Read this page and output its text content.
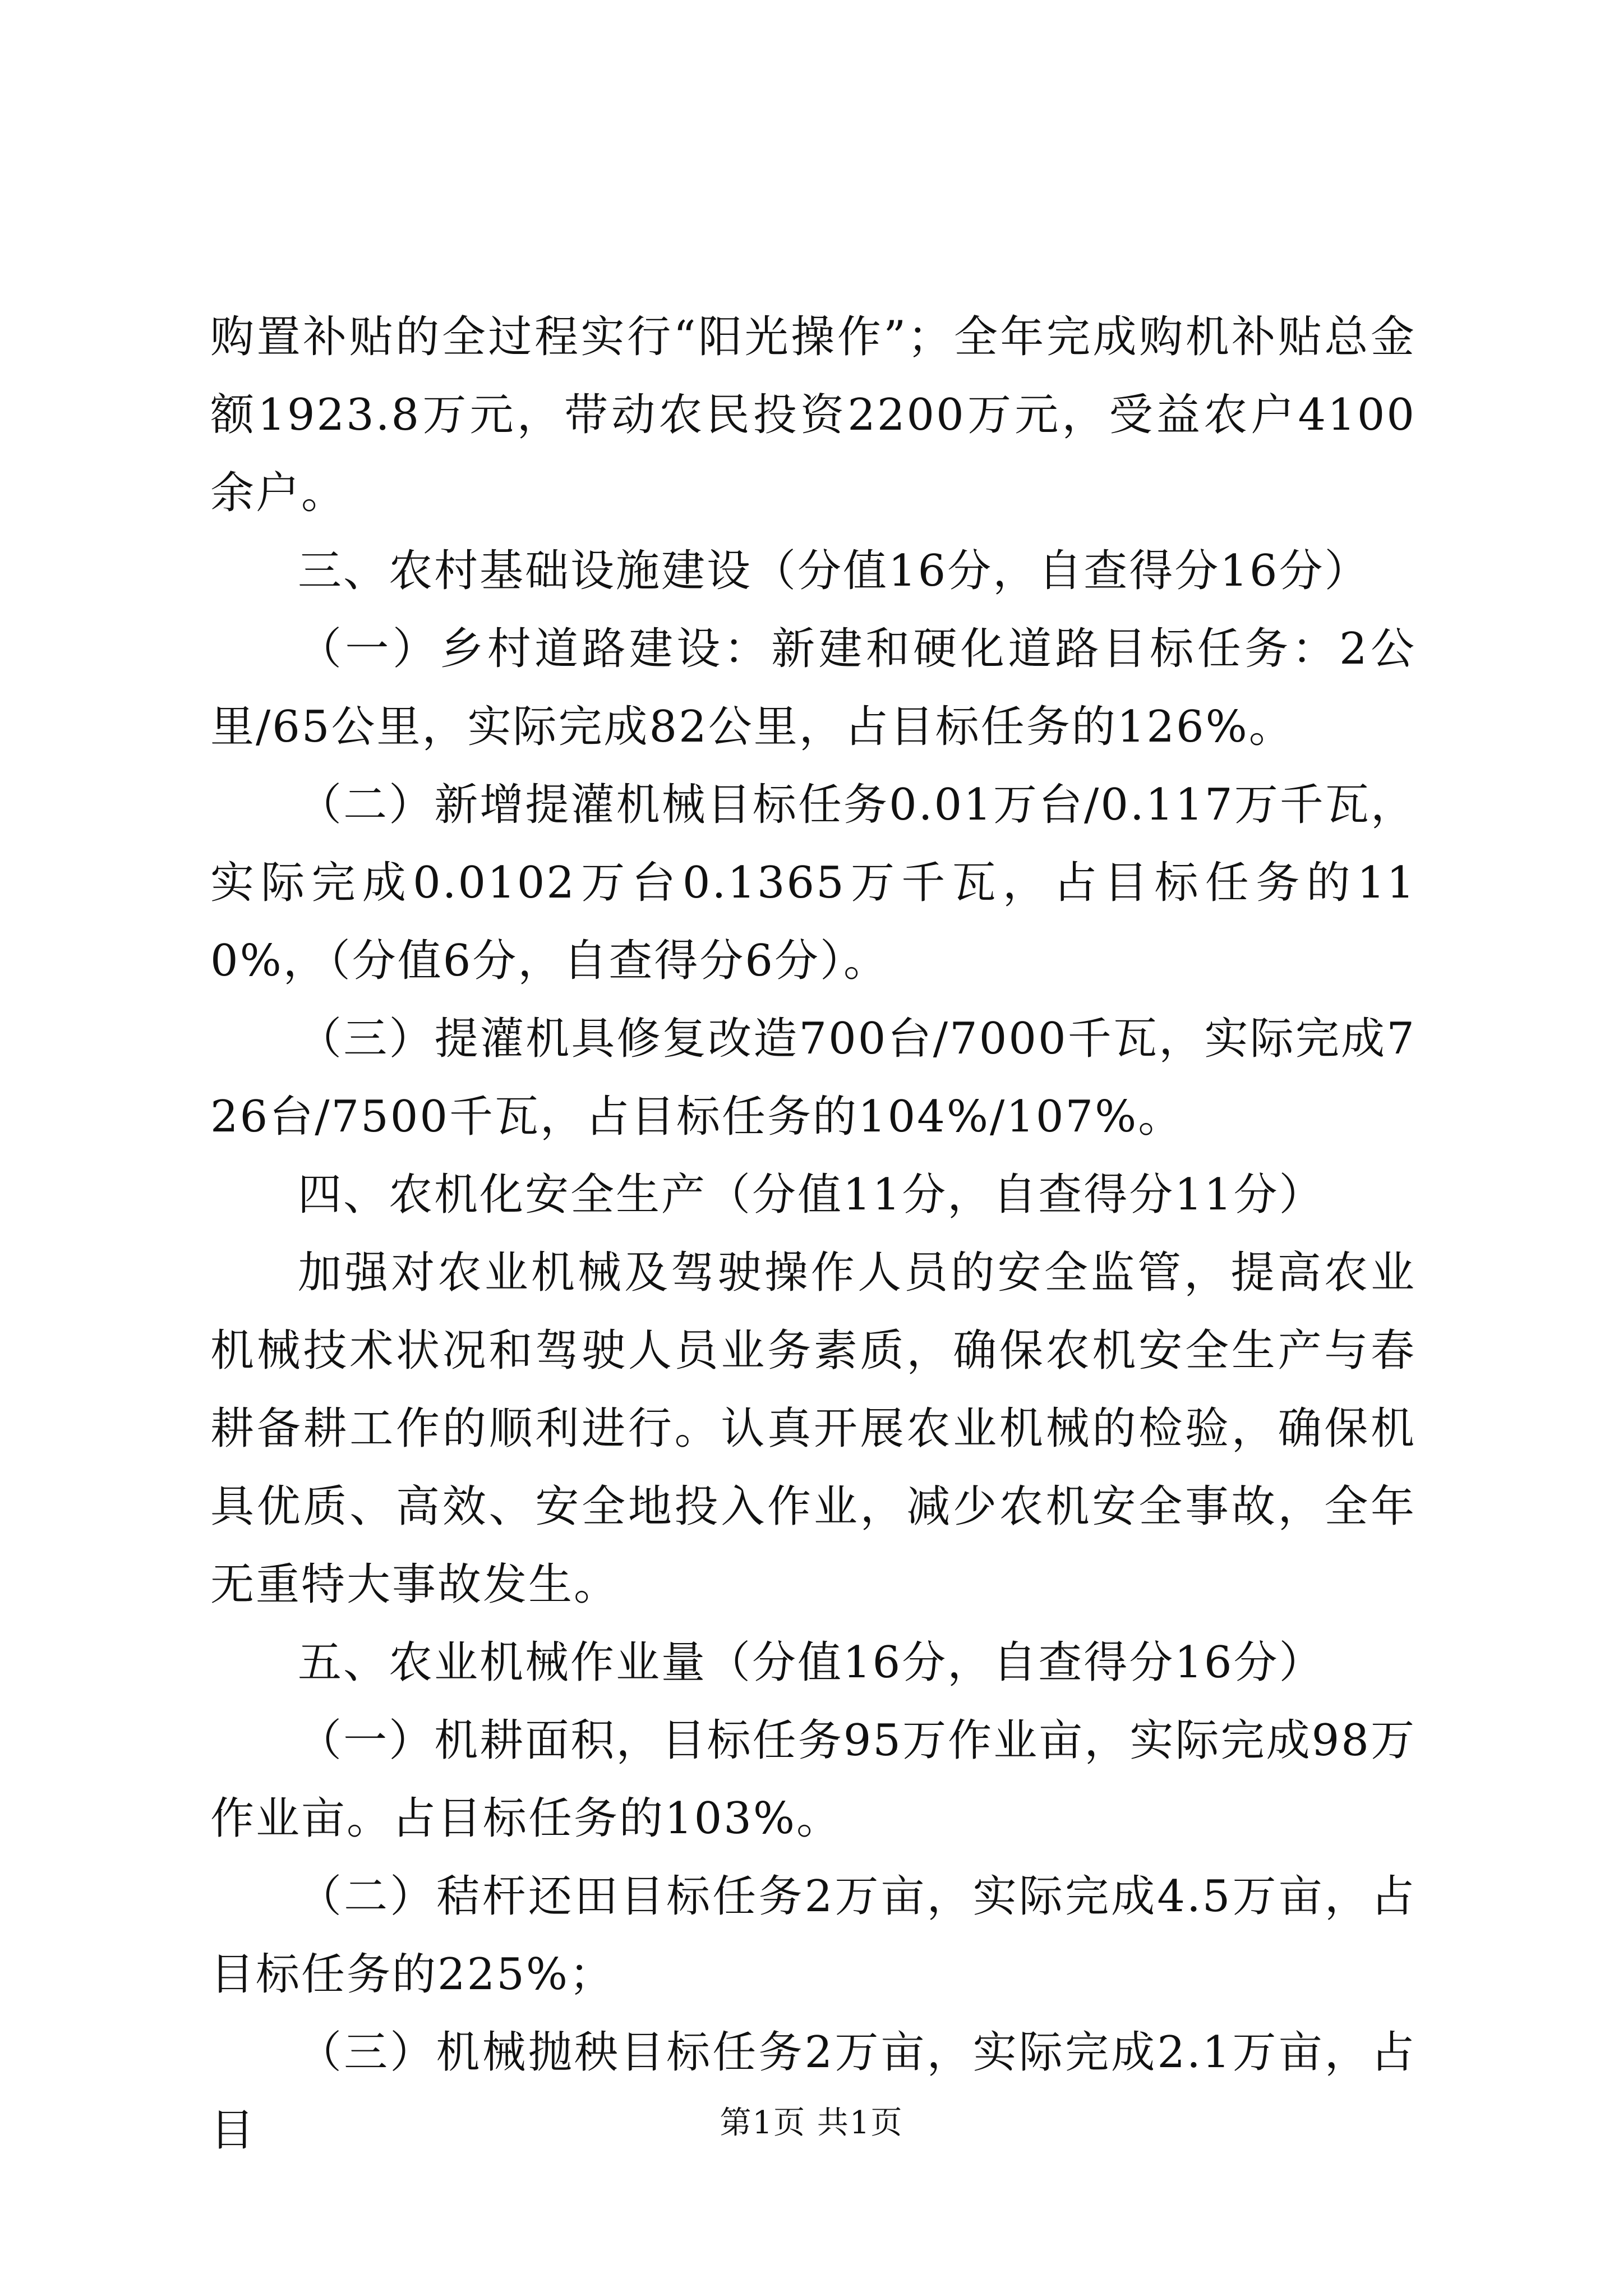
购置补贴的全过程实行“阳光操作”；全年完成购机补贴总金额1923.8万元，带动农民投资2200万元，受益农户4100余户。

三、农村基础设施建设（分值16分，自查得分16分）

（一）乡村道路建设：新建和硬化道路目标任务：2公里/65公里，实际完成82公里，占目标任务的126%。

（二）新增提灌机械目标任务0.01万台/0.117万千瓦，实际完成0.0102万台0.1365万千瓦，占目标任务的110%，（分值6分，自查得分6分）。

（三）提灌机具修复改造700台/7000千瓦，实际完成726台/7500千瓦，占目标任务的104%/107%。

四、农机化安全生产（分值11分，自查得分11分）

加强对农业机械及驾驶操作人员的安全监管，提高农业机械技术状况和驾驶人员业务素质，确保农机安全生产与春耕备耕工作的顺利进行。认真开展农业机械的检验，确保机具优质、高效、安全地投入作业，减少农机安全事故，全年无重特大事故发生。

五、农业机械作业量（分值16分，自查得分16分）

（一）机耕面积，目标任务95万作业亩，实际完成98万作业亩。占目标任务的103%。

（二）秸杆还田目标任务2万亩，实际完成4.5万亩，占目标任务的225%；

（三）机械抛秧目标任务2万亩，实际完成2.1万亩，占目	第1页 共1页
